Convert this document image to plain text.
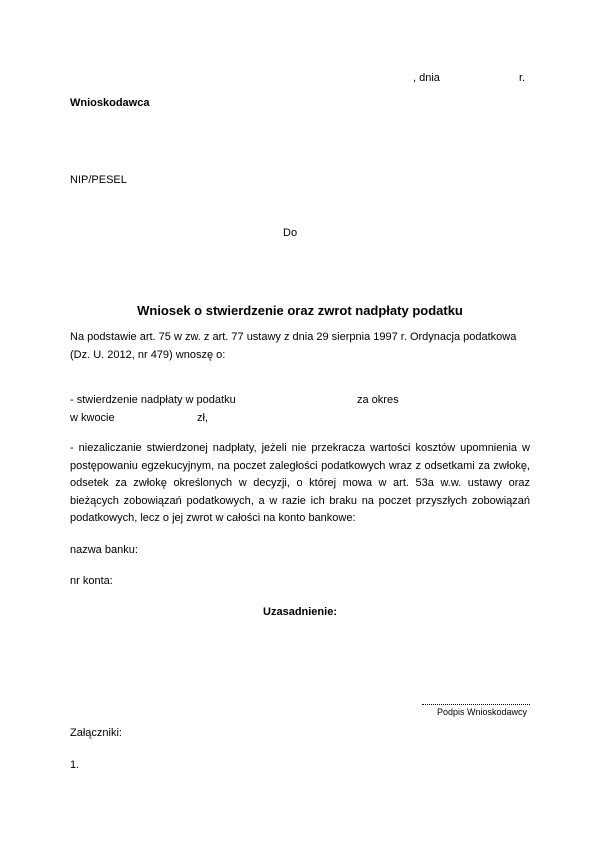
, dnia	r.
Wnioskodawca
NIP/PESEL
Do
Wniosek o stwierdzenie oraz zwrot nadpłaty podatku
Na podstawie art. 75 w zw. z art. 77 ustawy z dnia 29 sierpnia 1997 r. Ordynacja podatkowa
(Dz. U. 2012, nr 479) wnoszę o:
- stwierdzenie nadpłaty w podatku	za okres
w kwocie	zł,
- niezaliczanie stwierdzonej nadpłaty, jeżeli nie przekracza wartości kosztów upomnienia w postępowaniu egzekucyjnym, na poczet zaległości podatkowych wraz z odsetkami za zwłokę, odsetek za zwłokę określonych w decyzji, o której mowa w art. 53a w.w. ustawy oraz bieżących zobowiązań podatkowych, a w razie ich braku na poczet przyszłych zobowiązań podatkowych, lecz o jej zwrot w całości na konto bankowe:
nazwa banku:
nr konta:
Uzasadnienie:
Podpis Wnioskodawcy
Załączniki:
1.
